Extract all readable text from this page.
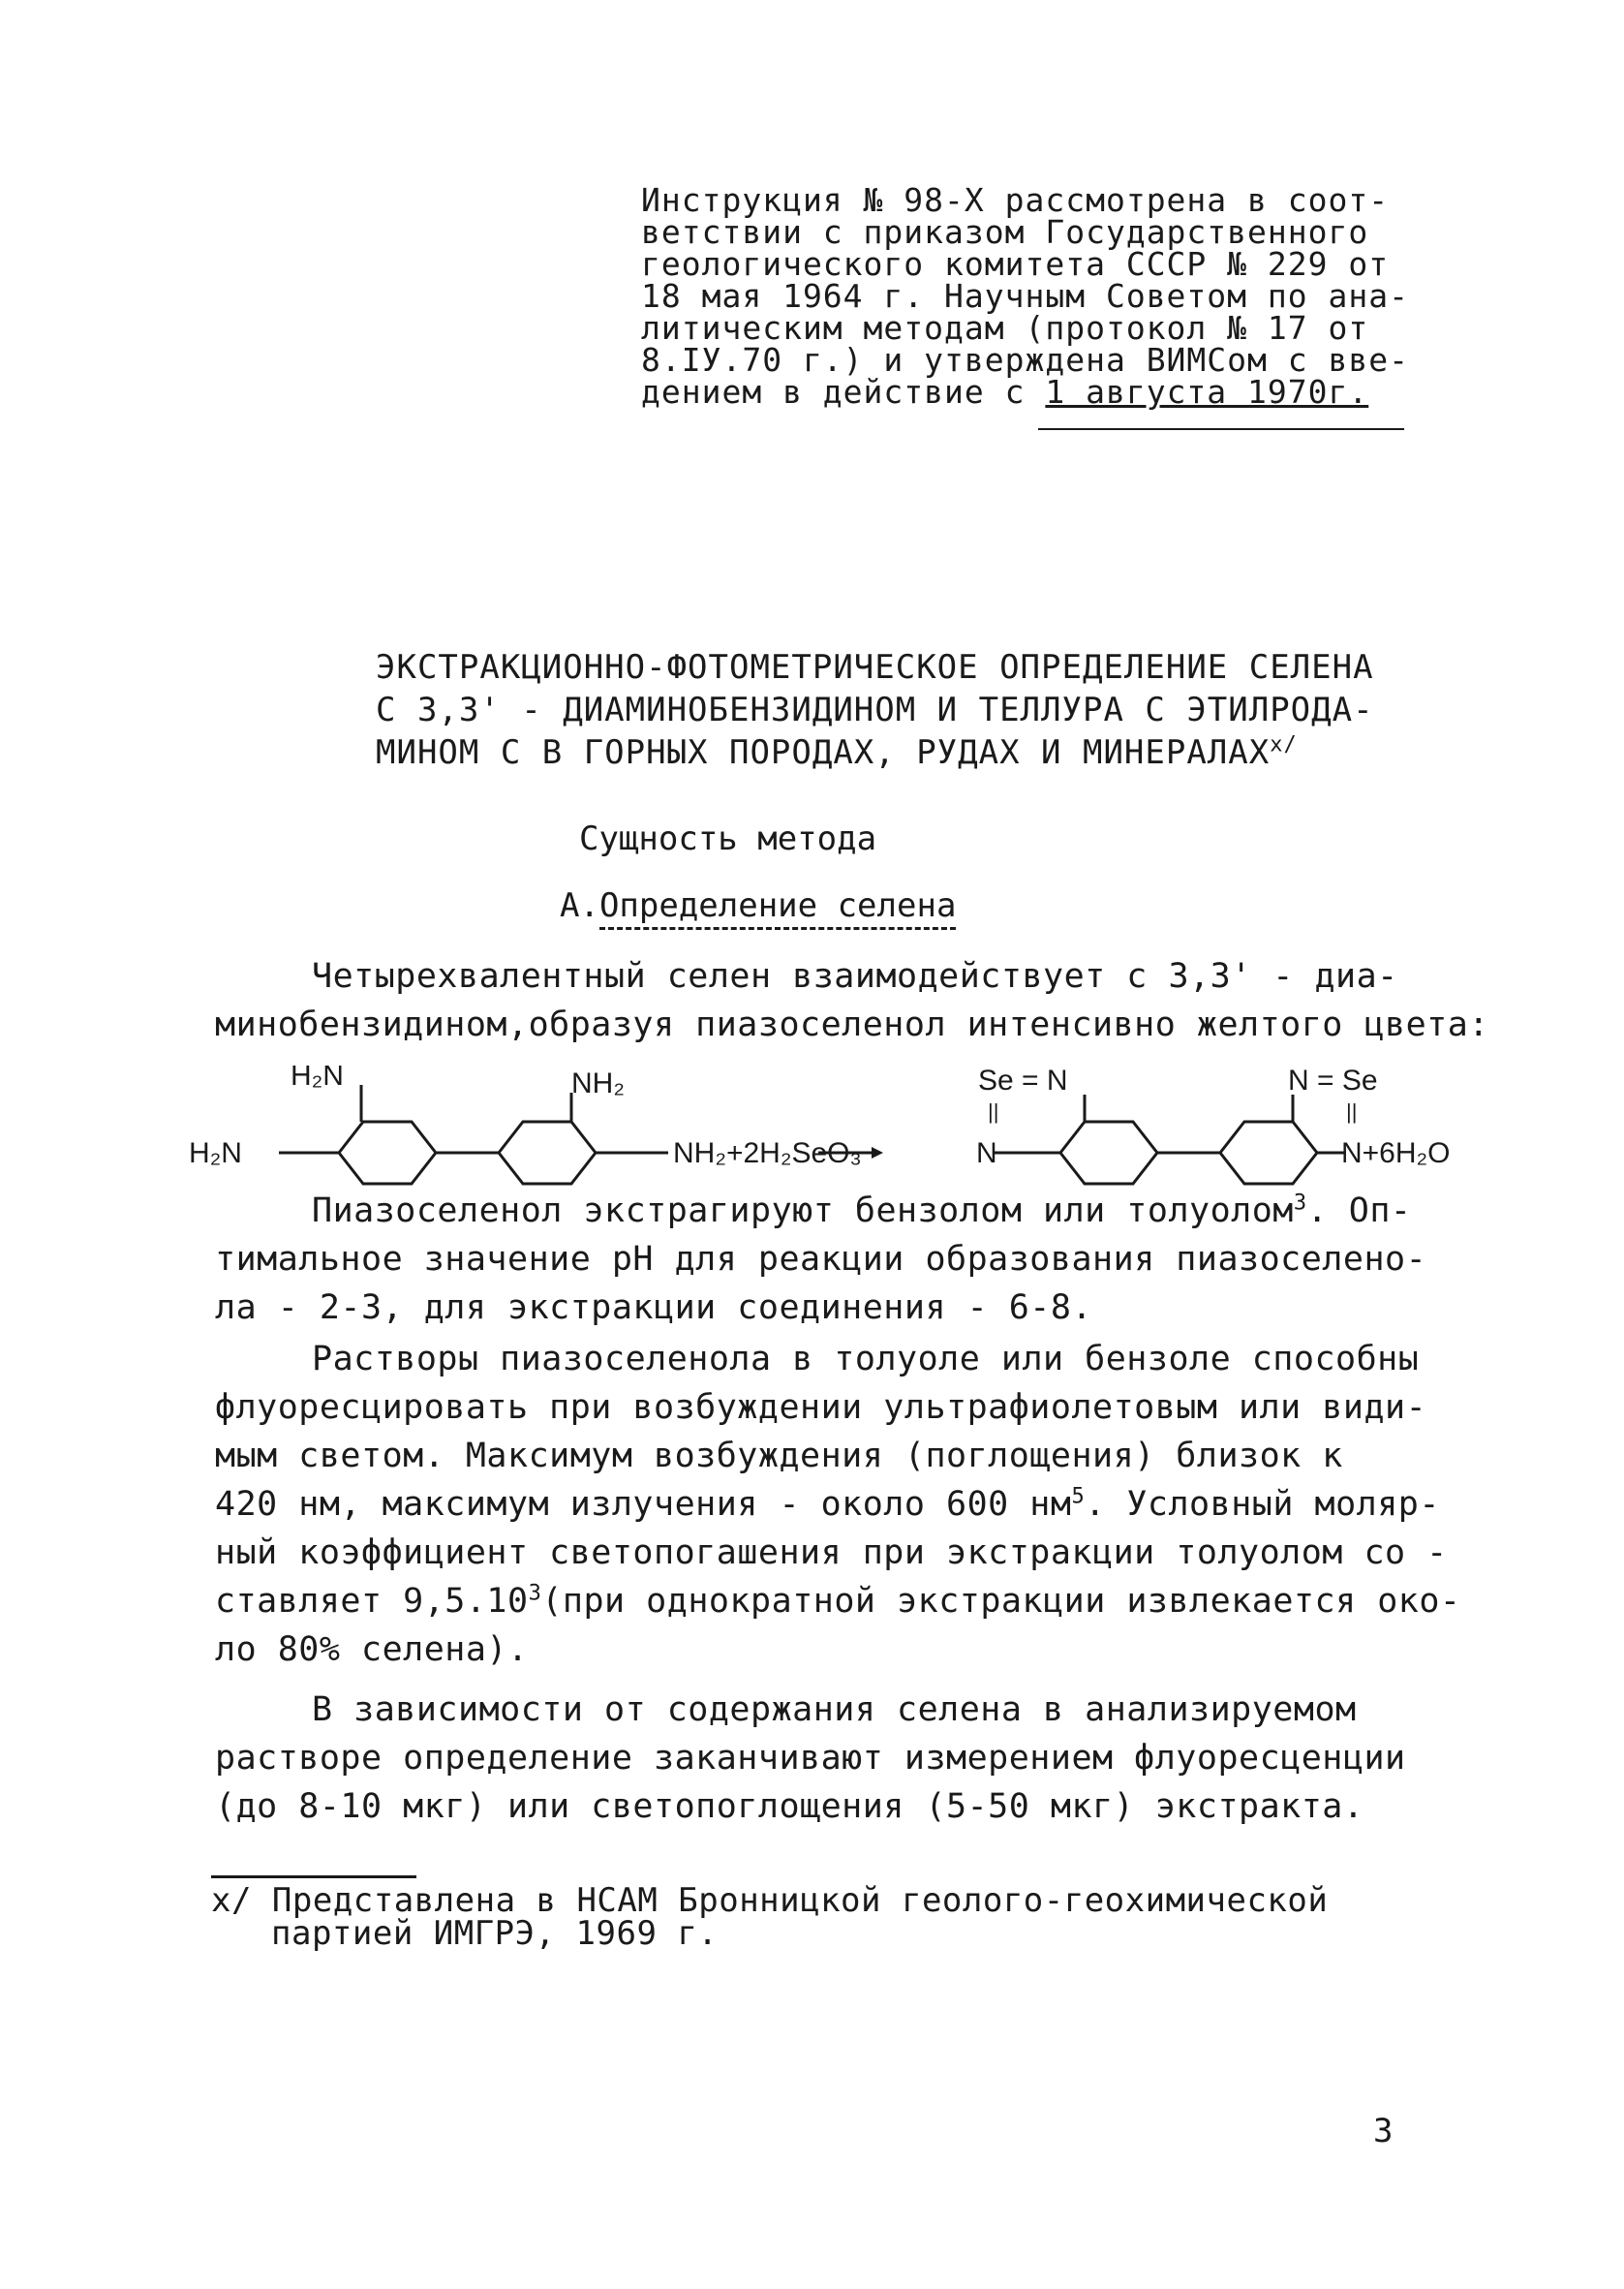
Инструкция № 98-Х рассмотрена в соот-
ветствии с приказом Государственного
геологического комитета СССР № 229 от
18 мая 1964 г. Научным Советом по ана-
литическим методам (протокол № 17 от
8.IУ.70 г.) и утверждена ВИМСом с вве-
дением в действие с 1 августа 1970г.
ЭКСТРАКЦИОННО-ФОТОМЕТРИЧЕСКОЕ ОПРЕДЕЛЕНИЕ СЕЛЕНА
С 3,3' - ДИАМИНОБЕНЗИДИНОМ И ТЕЛЛУРА С ЭТИЛРОДА-
МИНОМ С В ГОРНЫХ ПОРОДАХ, РУДАХ И $МИНЕРАЛАХ^{х/}$
Сущность метода
А.Определение селена
Четырехвалентный селен взаимодействует с 3,3' - диа-
минобензидином,образуя пиазоселенол интенсивно желтого цвета:
H₂N	NH₂
H₂N	NH₂+2H₂SeO₃
Se = N	N = Se
||	||
N	N+6H₂O
Пиазоселенол экстрагируют бензолом или толуолом$^3$. Оп-
тимальное значение рН для реакции образования пиазоселено-
ла - 2-3, для экстракции соединения - 6-8.
Растворы пиазоселенола в толуоле или бензоле способны
флуоресцировать при возбуждении ультрафиолетовым или види-
мым светом. Максимум возбуждения (поглощения) близок к
420 нм, максимум излучения - около 600 $нм^5$. Условный моляр-
ный коэффициент светопогашения при экстракции толуолом со -
ставляет 9,5.10$^3$(при однократной экстракции извлекается око-
ло 80% селена).
В зависимости от содержания селена в анализируемом
растворе определение заканчивают измерением флуоресценции
(до 8-10 мкг) или светопоглощения (5-50 мкг) экстракта.
х/ Представлена в НСАМ Бронницкой геолого-геохимической
партией ИМГРЭ, 1969 г.
3
